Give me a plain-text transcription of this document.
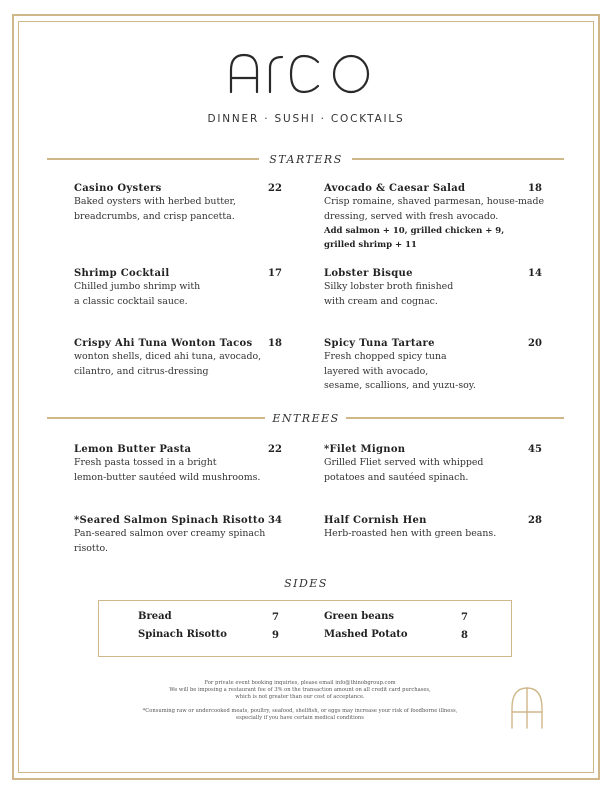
DINNER · SUSHI · COCKTAILS
STARTERS
Casino Oysters	22
Baked oysters with herbed butter,
breadcrumbs, and crisp pancetta.
Avocado & Caesar Salad	18
Crisp romaine, shaved parmesan, house-made
dressing, served with fresh avocado.
Add salmon + 10, grilled chicken + 9,
grilled shrimp + 11
Shrimp Cocktail	17
Chilled jumbo shrimp with
a classic cocktail sauce.
Lobster Bisque	14
Silky lobster broth finished
with cream and cognac.
Crispy Ahi Tuna Wonton Tacos	18
wonton shells, diced ahi tuna, avocado,
cilantro, and citrus-dressing
Spicy Tuna Tartare	20
Fresh chopped spicy tuna
layered with avocado,
sesame, scallions, and yuzu-soy.
ENTREES
Lemon Butter Pasta	22
Fresh pasta tossed in a bright
lemon-butter sautéed wild mushrooms.
*Filet Mignon	45
Grilled Fliet served with whipped
potatoes and sautéed spinach.
*Seared Salmon Spinach Risotto 34
Pan-seared salmon over creamy spinach
risotto.
Half Cornish Hen	28
Herb-roasted hen with green beans.
SIDES
Bread	7	Green beans	7
Spinach Risotto	9	Mashed Potato	8
For private event booking inquiries, please email info@thinobgroup.com
We will be imposing a restaurant fee of 3% on the transaction amount on all credit card purchases,
which is not greater than our cost of acceptance.
*Consuming raw or undercooked meats, poultry, seafood, shellfish, or eggs may increase your risk of foodborne illness,
especially if you have certain medical conditions
